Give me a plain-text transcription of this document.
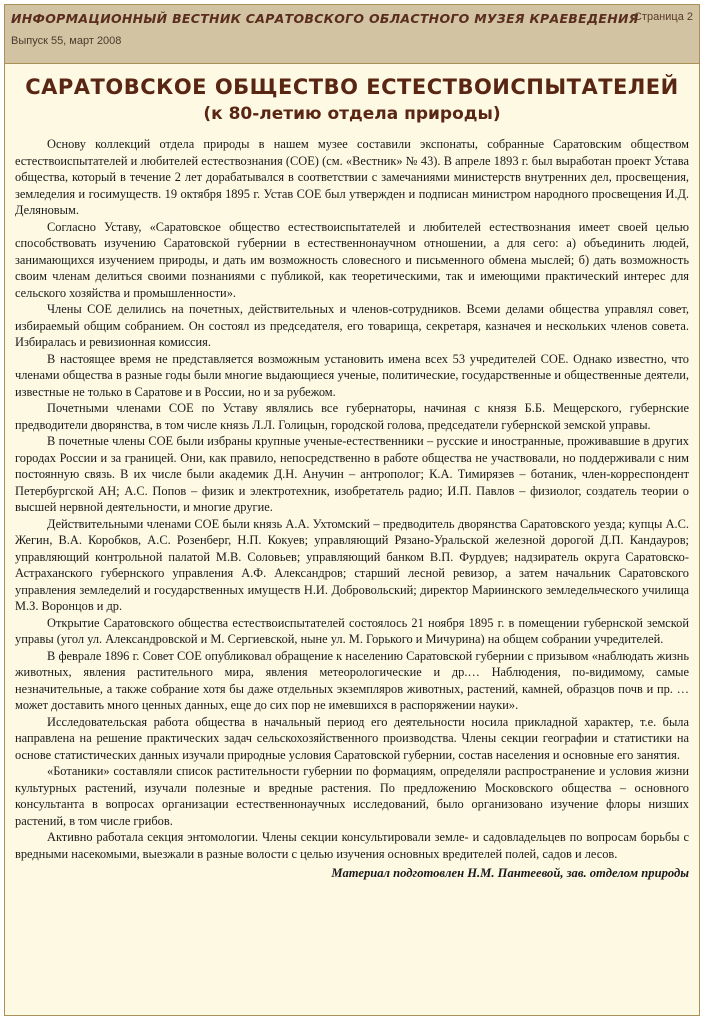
ИНФОРМАЦИОННЫЙ ВЕСТНИК САРАТОВСКОГО ОБЛАСТНОГО МУЗЕЯ КРАЕВЕДЕНИЯ
Выпуск 55, март 2008
Страница 2
САРАТОВСКОЕ ОБЩЕСТВО ЕСТЕСТВОИСПЫТАТЕЛЕЙ
(к 80-летию отдела природы)

Основу коллекций отдела природы в нашем музее составили экспонаты, собранные Саратовским обществом естествоиспытателей и любителей естествознания (СОЕ) (см. «Вестник» № 43). В апреле 1893 г. был выработан проект Устава общества, который в течение 2 лет дорабатывался в соответствии с замечаниями министерств внутренних дел, просвещения, земледелия и госимуществ. 19 октября 1895 г. Устав СОЕ был утвержден и подписан министром народного просвещения И.Д. Деляновым.

Согласно Уставу, «Саратовское общество естествоиспытателей и любителей естествознания имеет своей целью способствовать изучению Саратовской губернии в естественнонаучном отношении, а для сего: а) объединить людей, занимающихся изучением природы, и дать им возможность словесного и письменного обмена мыслей; б) дать возможность своим членам делиться своими познаниями с публикой, как теоретическими, так и имеющими практический интерес для сельского хозяйства и промышленности».

Члены СОЕ делились на почетных, действительных и членов-сотрудников. Всеми делами общества управлял совет, избираемый общим собранием. Он состоял из председателя, его товарища, секретаря, казначея и нескольких членов совета. Избиралась и ревизионная комиссия.

В настоящее время не представляется возможным установить имена всех 53 учредителей СОЕ. Однако известно, что членами общества в разные годы были многие выдающиеся ученые, политические, государственные и общественные деятели, известные не только в Саратове и в России, но и за рубежом.

Почетными членами СОЕ по Уставу являлись все губернаторы, начиная с князя Б.Б. Мещерского, губернские предводители дворянства, в том числе князь Л.Л. Голицын, городской голова, председатели губернской земской управы.

В почетные члены СОЕ были избраны крупные ученые-естественники – русские и иностранные, проживавшие в других городах России и за границей. Они, как правило, непосредственно в работе общества не участвовали, но поддерживали с ним постоянную связь. В их числе были академик Д.Н. Анучин – антрополог; К.А. Тимирязев – ботаник, член-корреспондент Петербургской АН; А.С. Попов – физик и электротехник, изобретатель радио; И.П. Павлов – физиолог, создатель теории о высшей нервной деятельности, и многие другие.

Действительными членами СОЕ были князь А.А. Ухтомский – предводитель дворянства Саратовского уезда; купцы А.С. Жегин, В.А. Коробков, А.С. Розенберг, Н.П. Кокуев; управляющий Рязано-Уральской железной дорогой Д.П. Кандауров; управляющий контрольной палатой М.В. Соловьев; управляющий банком В.П. Фурдуев; надзиратель округа Саратовско-Астраханского губернского управления А.Ф. Александров; старший лесной ревизор, а затем начальник Саратовского управления земледелий и государственных имуществ Н.И. Добровольский; директор Мариинского земледельческого училища М.З. Воронцов и др.

Открытие Саратовского общества естествоиспытателей состоялось 21 ноября 1895 г. в помещении губернской земской управы (угол ул. Александровской и М. Сергиевской, ныне ул. М. Горького и Мичурина) на общем собрании учредителей.

В феврале 1896 г. Совет СОЕ опубликовал обращение к населению Саратовской губернии с призывом «наблюдать жизнь животных, явления растительного мира, явления метеорологические и др.… Наблюдения, по-видимому, самые незначительные, а также собрание хотя бы даже отдельных экземпляров животных, растений, камней, образцов почв и пр. … может доставить много ценных данных, еще до сих пор не имевшихся в распоряжении науки».

Исследовательская работа общества в начальный период его деятельности носила прикладной характер, т.е. была направлена на решение практических задач сельскохозяйственного производства. Члены секции географии и статистики на основе статистических данных изучали природные условия Саратовской губернии, состав населения и основные его занятия.

«Ботаники» составляли список растительности губернии по формациям, определяли распространение и условия жизни культурных растений, изучали полезные и вредные растения. По предложению Московского общества – основного консультанта в вопросах организации естественнонаучных исследований, было организовано изучение флоры низших растений, в том числе грибов.

Активно работала секция энтомологии. Члены секции консультировали земле- и садовладельцев по вопросам борьбы с вредными насекомыми, выезжали в разные волости с целью изучения основных вредителей полей, садов и лесов.

Материал подготовлен Н.М. Пантеевой, зав. отделом природы
